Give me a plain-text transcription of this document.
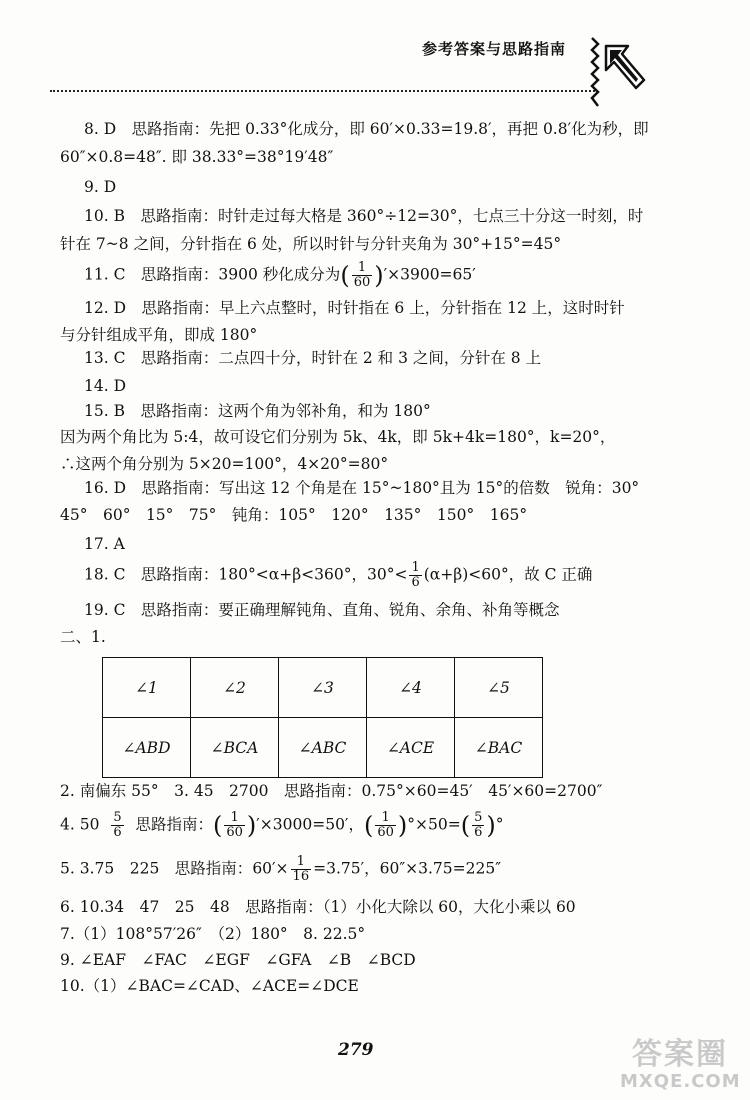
参考答案与思路指南
8. D　思路指南：先把 0.33°化成分，即 60′×0.33=19.8′，再把 0.8′化为秒，即
60″×0.8=48″. 即 38.33°=38°19′48″
9. D
10. B　思路指南：时针走过每大格是 360°÷12=30°，七点三十分这一时刻，时
针在 7~8 之间，分针指在 6 处，所以时针与分针夹角为 30°+15°=45°
11. C　思路指南：3900 秒化成分为( $\frac{1}{60} )'\times 3900=65'$
12. D　思路指南：早上六点整时，时针指在 6 上，分针指在 12 上，这时时针
与分针组成平角，即成 180°
13. C　思路指南：二点四十分，时针在 2 和 3 之间，分针在 8 上
14. D
15. B　思路指南：这两个角为邻补角，和为 180°
因为两个角比为 5:4，故可设它们分别为 5k、4k，即 5k+4k=180°，k=20°，
∴这两个角分别为 5×20=100°，4×20°=80°
16. D　思路指南：写出这 12 个角是在 15°~180°且为 15°的倍数　锐角：30°
45°　60°　15°　75°　钝角：105°　120°　135°　150°　165°
17. A
18. C　思路指南：180°<α+β<360°，$30^\circ< \frac{1}{6} (\alpha+\beta)<60^\circ$，故 C 正确
19. C　思路指南：要正确理解钝角、直角、锐角、余角、补角等概念
二、1.
∠1	∠2	∠3	∠4	∠5
∠ABD	∠BCA	∠ABC	∠ACE	∠BAC
2. 南偏东 55°　3. 45　2700　思路指南：0.75°×60=45′　45′×60=2700″
4. $50 \frac{5}{6}$ 思路指南：( $\frac{1}{60} )'\times 3000=50'$，( $\frac{1}{60} )^\circ\times 50=( \frac{5}{6}$ )°
5. 3.75　225　思路指南：$60'\times \frac{1}{16} =3.75'$，60″×3.75=225″
6. 10.34　47　25　48　思路指南：（1）小化大除以 60，大化小乘以 60
7.（1）108°57′26″　（2）180°　8. 22.5°
9. ∠EAF　∠FAC　∠EGF　∠GFA　∠B　∠BCD
10.（1）∠BAC=∠CAD、∠ACE=∠DCE
279	答案圈
MXQE.COM
